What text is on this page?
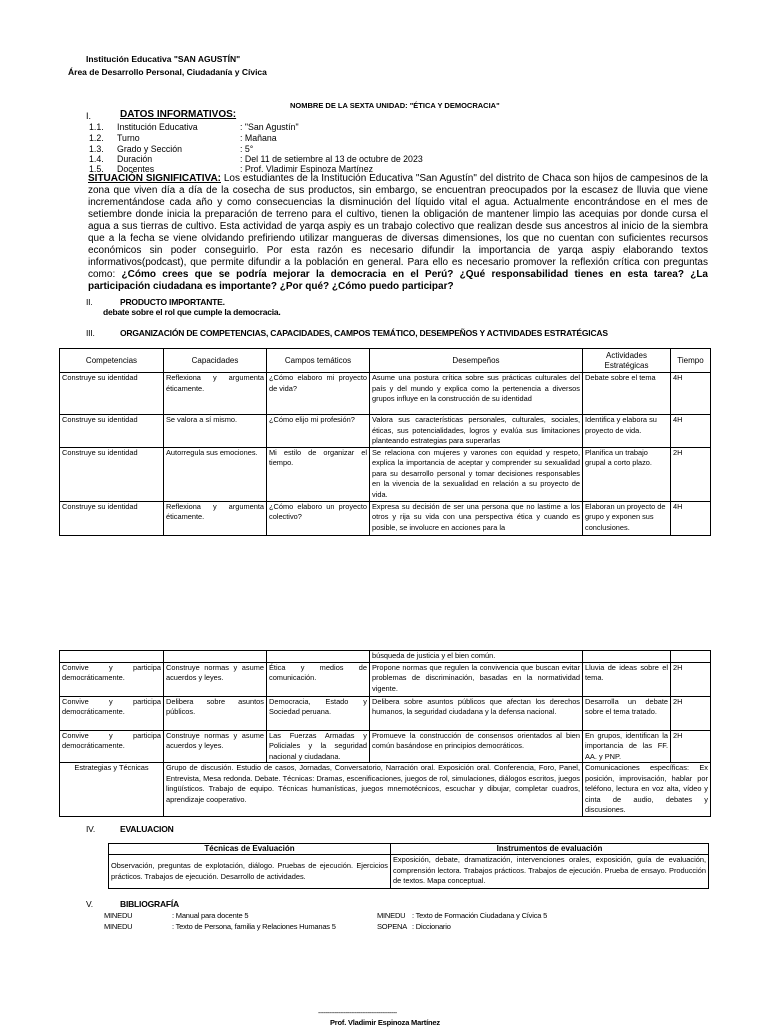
Institución Educativa "SAN AGUSTÍN"
Área de Desarrollo Personal, Ciudadanía y Cívica
NOMBRE DE LA SEXTA UNIDAD: "ÉTICA Y DEMOCRACIA"
I.	DATOS INFORMATIVOS:
1.1. Institución Educativa	: "San Agustín"
1.2. Turno	: Mañana
1.3. Grado y Sección	: 5°
1.4. Duración	: Del 11 de setiembre al 13 de octubre de 2023
1.5. Docentes	: Prof. Vladimir Espinoza Martínez
SITUACIÓN SIGNIFICATIVA: Los estudiantes de la Institución Educativa "San Agustín" del distrito de Chaca son hijos de campesinos de la zona que viven día a día de la cosecha de sus productos, sin embargo, se encuentran preocupados por la escasez de lluvia que viene incrementándose cada año y como consecuencias la disminución del líquido vital el agua. Actualmente encontrándose en el mes de setiembre donde inicia la preparación de terreno para el cultivo, tienen la obligación de mantener limpio las acequias por donde cursa el agua a sus tierras de cultivo. Esta actividad de yarqa aspiy es un trabajo colectivo que realizan desde sus ancestros al inicio de la siembra que a la fecha se viene olvidando prefiriendo utilizar mangueras de diversas dimensiones, los que no cuentan con suficientes recursos económicos sin poder conseguirlo. Por esta razón es necesario difundir la importancia de yarqa aspiy elaborando textos informativos(podcast), que permite difundir a la población en general. Para ello es necesario promover la reflexión crítica con preguntas como: ¿Cómo crees que se podría mejorar la democracia en el Perú? ¿Qué responsabilidad tienes en esta tarea? ¿La participación ciudadana es importante? ¿Por qué? ¿Cómo puedo participar?
II.	PRODUCTO IMPORTANTE.
debate sobre el rol que cumple la democracia.
III.	ORGANIZACIÓN DE COMPETENCIAS, CAPACIDADES, CAMPOS TEMÁTICO, DESEMPEÑOS Y ACTIVIDADES ESTRATÉGICAS
Competencias	Capacidades	Campos temáticos	Desempeños	Actividades Estratégicas	Tiempo
Construye su identidad	Reflexiona y argumenta éticamente.	¿Cómo elaboro mi proyecto de vida?	Asume una postura crítica sobre sus prácticas culturales del país y del mundo y explica como la pertenencia a diversos grupos influye en la construcción de su identidad	Debate sobre el tema	4H
Construye su identidad	Se valora a sí mismo.	¿Cómo elijo mi profesión?	Valora sus características personales, culturales, sociales, éticas, sus potencialidades, logros y evalúa sus limitaciones planteando estrategias para superarlas	Identifica y elabora su proyecto de vida.	4H
Construye su identidad	Autorregula sus emociones.	Mi estilo de organizar el tiempo.	Se relaciona con mujeres y varones con equidad y respeto, explica la importancia de aceptar y comprender su sexualidad para su desarrollo personal y tomar decisiones responsables en la vivencia de la sexualidad en relación a su proyecto de vida.	Planifica un trabajo grupal a corto plazo.	2H
Construye su identidad	Reflexiona y argumenta éticamente.	¿Cómo elaboro un proyecto colectivo?	Expresa su decisión de ser una persona que no lastime a los otros y rija su vida con una perspectiva ética y cuando es posible, se involucre en acciones para la	Elaboran un proyecto de grupo y exponen sus conclusiones.	4H
			búsqueda de justicia y el bien común.		
Convive y participa democráticamente.	Construye normas y asume acuerdos y leyes.	Ética y medios de comunicación.	Propone normas que regulen la convivencia que buscan evitar problemas de discriminación, basadas en la normatividad vigente.	Lluvia de ideas sobre el tema.	2H
Convive y participa democráticamente.	Delibera sobre asuntos públicos.	Democracia, Estado y Sociedad peruana.	Delibera sobre asuntos públicos que afectan los derechos humanos, la seguridad ciudadana y la defensa nacional.	Desarrolla un debate sobre el tema tratado.	2H
Convive y participa democráticamente.	Construye normas y asume acuerdos y leyes.	Las Fuerzas Armadas y Policiales y la seguridad nacional y ciudadana.	Promueve la construcción de consensos orientados al bien común basándose en principios democráticos.	En grupos, identifican la importancia de las FF. AA. y PNP.	2H
Estrategias y Técnicas	Grupo de discusión. Estudio de casos, Jornadas, Conversatorio, Narración oral. Exposición oral. Conferencia, Foro, Panel, Entrevista, Mesa redonda. Debate. Técnicas: Dramas, escenificaciones, juegos de rol, simulaciones, diálogos escritos, juegos lingüísticos. Trabajo de equipo. Técnicas humanísticas, juegos mnemotécnicos, escuchar y dibujar, completar cuadros, aprendizaje cooperativo.			Comunicaciones específicas: Ex posición, improvisación, hablar por teléfono, lectura en voz alta, vídeo y cinta de audio, debates y discusiones.	
IV.	EVALUACION
Técnicas de Evaluación	Instrumentos de evaluación
Observación, preguntas de explotación, diálogo. Pruebas de ejecución. Ejercicios prácticos. Trabajos de ejecución. Desarrollo de actividades.	Exposición, debate, dramatización, intervenciones orales, exposición, guía de evaluación, comprensión lectora. Trabajos prácticos. Trabajos de ejecución. Prueba de ensayo. Producción de textos. Mapa conceptual.
V.	BIBLIOGRAFÍA
MINEDU	: Manual para docente 5
MINEDU	: Texto de Persona, familia y Relaciones Humanas 5
MINEDU : Texto de Formación Ciudadana y Cívica 5
SOPENA : Diccionario
-------------------------------------------
Prof. Vladimir Espinoza Martínez
